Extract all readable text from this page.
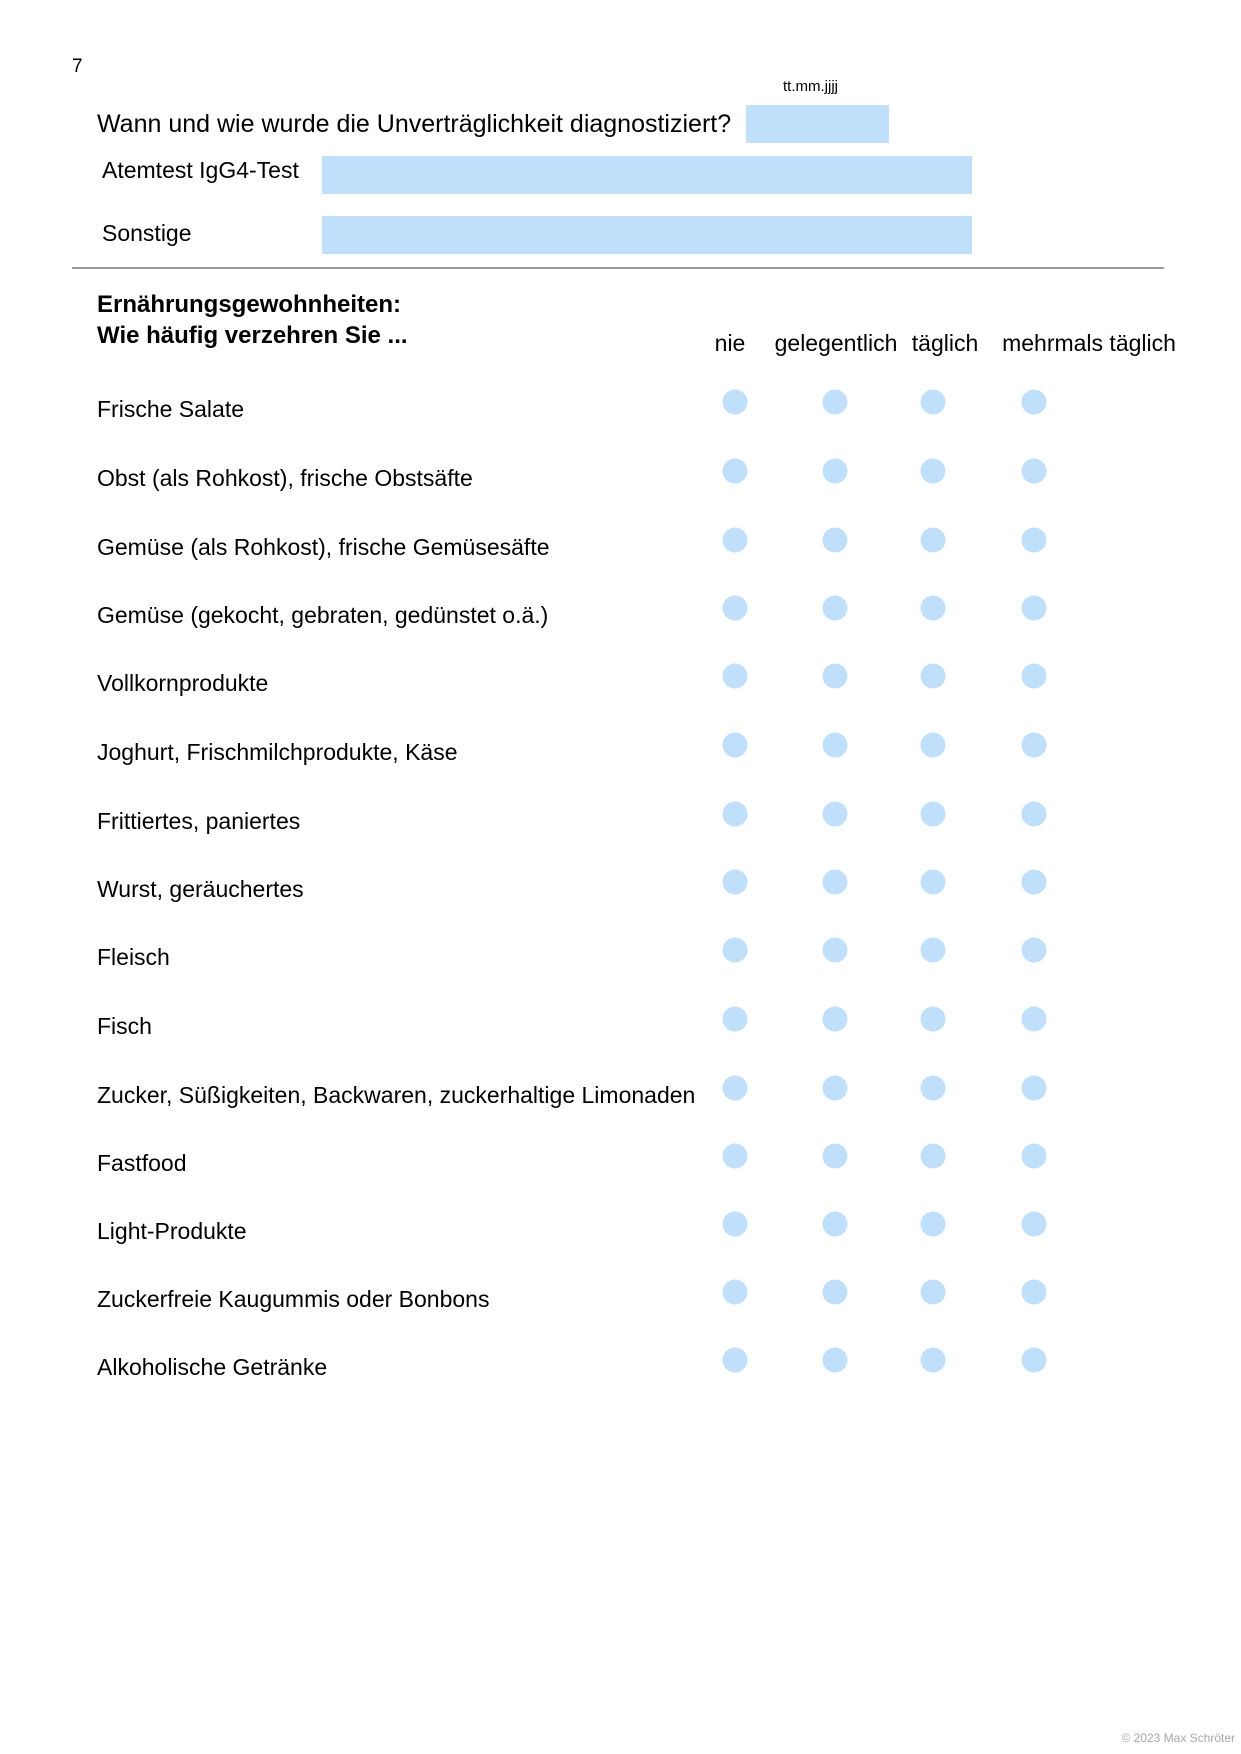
7
tt.mm.jjjj
Wann und wie wurde die Unverträglichkeit diagnostiziert?
Atemtest IgG4-Test
Sonstige
Ernährungsgewohnheiten:
Wie häufig verzehren Sie ...	nie gelegentlich täglich mehrmals täglich
Frische Salate
Obst (als Rohkost), frische Obstsäfte
Gemüse (als Rohkost), frische Gemüsesäfte
Gemüse (gekocht, gebraten, gedünstet o.ä.)
Vollkornprodukte
Joghurt, Frischmilchprodukte, Käse
Frittiertes, paniertes
Wurst, geräuchertes
Fleisch
Fisch
Zucker, Süßigkeiten, Backwaren, zuckerhaltige Limonaden
Fastfood
Light-Produkte
Zuckerfreie Kaugummis oder Bonbons
Alkoholische Getränke
© 2023 Max Schröter
